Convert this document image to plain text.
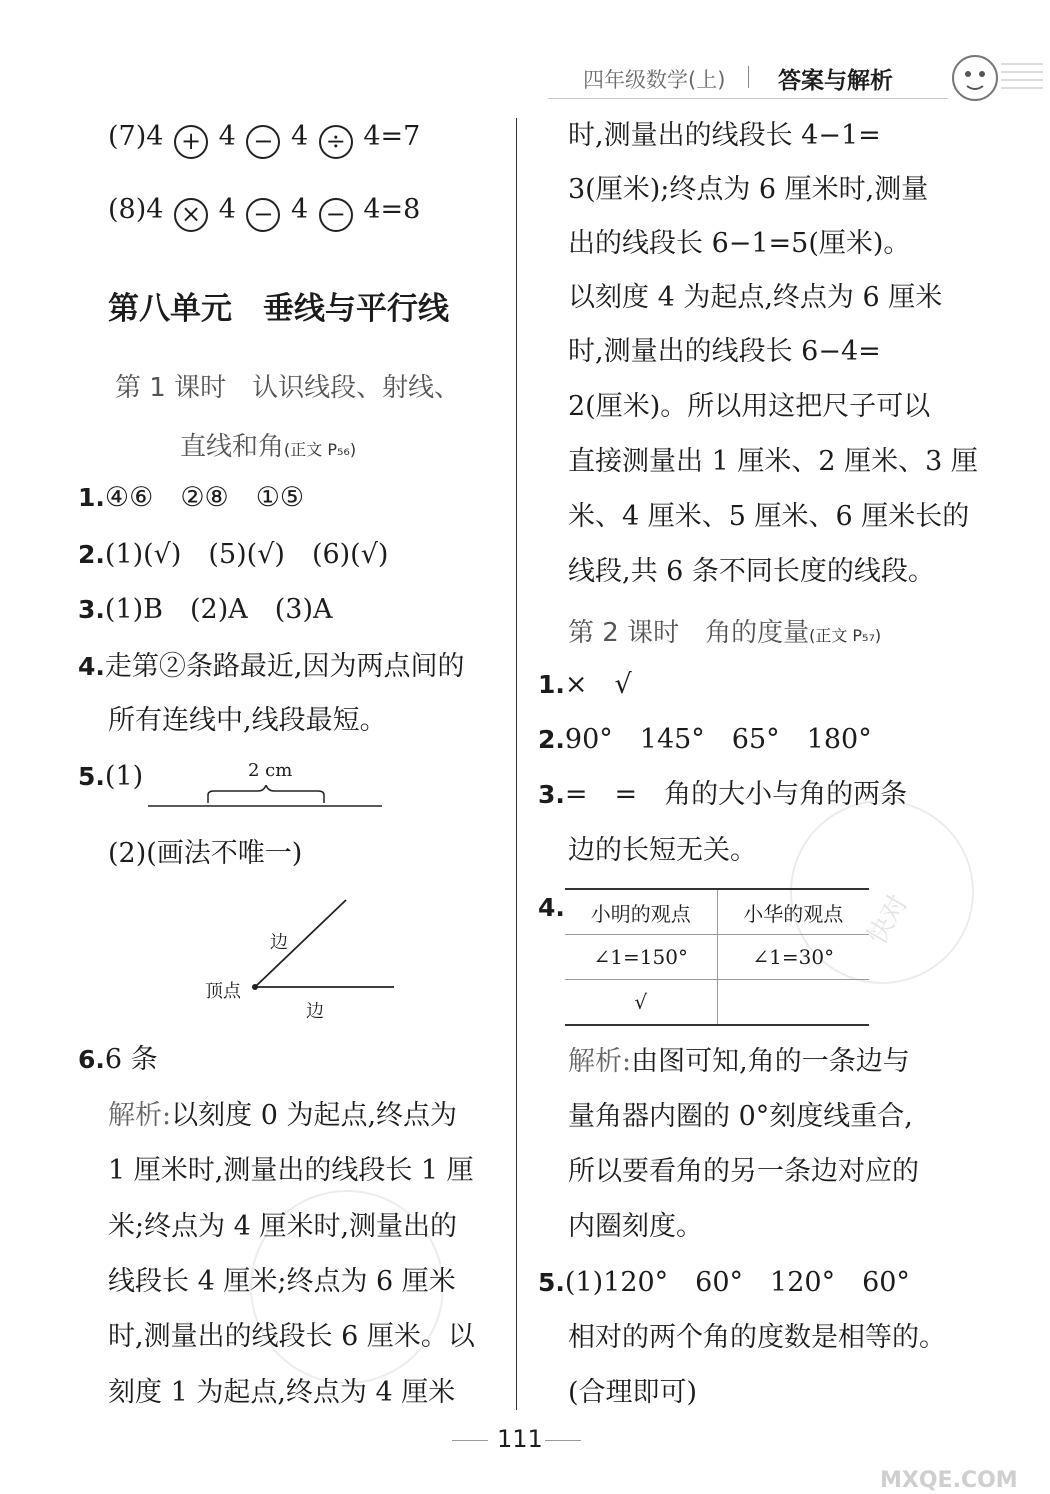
四年级数学(上) 答案与解析
快对
(7)4 + 4 − 4 ÷ 4=7
(8)4 × 4 − 4 − 4=8
第八单元　垂线与平行线
第 1 课时　认识线段、射线、
直线和角(正文 P₅₆)
1.④⑥　②⑧　①⑤
2.(1)(√)　(5)(√)　(6)(√)
3.(1)B　(2)A　(3)A
4.走第②条路最近,因为两点间的
所有连线中,线段最短。
5.(1)	2 cm
(2)(画法不唯一)
边
顶点
边
6.6 条
解析:以刻度 0 为起点,终点为
1 厘米时,测量出的线段长 1 厘
米;终点为 4 厘米时,测量出的
线段长 4 厘米;终点为 6 厘米
时,测量出的线段长 6 厘米。以
刻度 1 为起点,终点为 4 厘米
时,测量出的线段长 4−1=
3(厘米);终点为 6 厘米时,测量
出的线段长 6−1=5(厘米)。
以刻度 4 为起点,终点为 6 厘米
时,测量出的线段长 6−4=
2(厘米)。所以用这把尺子可以
直接测量出 1 厘米、2 厘米、3 厘
米、4 厘米、5 厘米、6 厘米长的
线段,共 6 条不同长度的线段。
第 2 课时　角的度量(正文 P₅₇)
1.×　√
2.90°　145°　65°　180°
3.=　=　角的大小与角的两条
边的长短无关。
4. 小明的观点	小华的观点
∠1=150°	∠1=30°
√	
解析:由图可知,角的一条边与
量角器内圈的 0°刻度线重合,
所以要看角的另一条边对应的
内圈刻度。
5.(1)120°　60°　120°　60°
相对的两个角的度数是相等的。
(合理即可)
111
MXQE.COM
